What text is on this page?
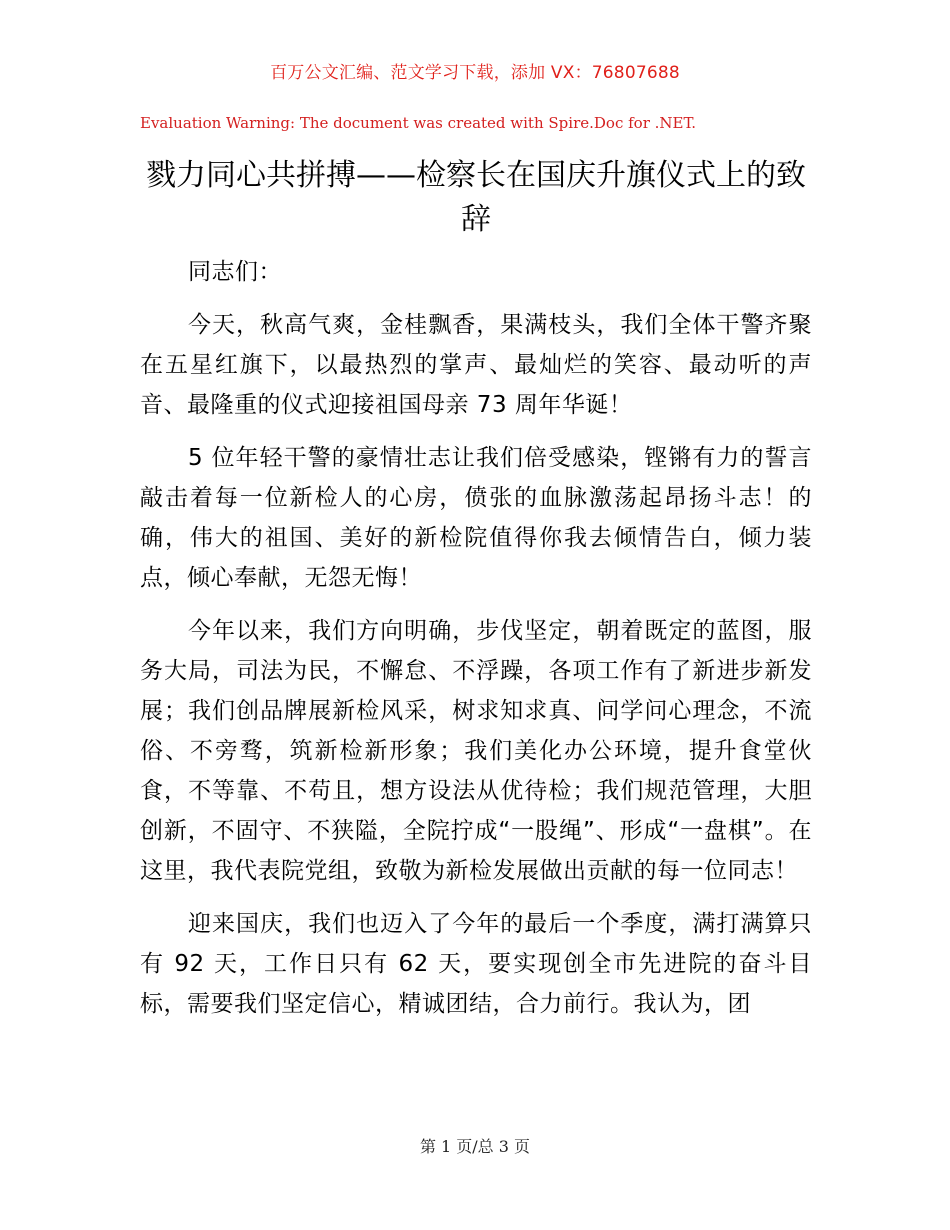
百万公文汇编、范文学习下载，添加 VX：76807688
Evaluation Warning: The document was created with Spire.Doc for .NET.
戮力同心共拼搏——检察长在国庆升旗仪式上的致辞

同志们：

今天，秋高气爽，金桂飘香，果满枝头，我们全体干警齐聚在五星红旗下，以最热烈的掌声、最灿烂的笑容、最动听的声音、最隆重的仪式迎接祖国母亲 73 周年华诞！

5 位年轻干警的豪情壮志让我们倍受感染，铿锵有力的誓言敲击着每一位新检人的心房，偾张的血脉激荡起昂扬斗志！的确，伟大的祖国、美好的新检院值得你我去倾情告白，倾力装点，倾心奉献，无怨无悔！

今年以来，我们方向明确，步伐坚定，朝着既定的蓝图，服务大局，司法为民，不懈怠、不浮躁，各项工作有了新进步新发展；我们创品牌展新检风采，树求知求真、问学问心理念，不流俗、不旁骛，筑新检新形象；我们美化办公环境，提升食堂伙食，不等靠、不苟且，想方设法从优待检；我们规范管理，大胆创新，不固守、不狭隘，全院拧成“一股绳”、形成“一盘棋”。在这里，我代表院党组，致敬为新检发展做出贡献的每一位同志！

迎来国庆，我们也迈入了今年的最后一个季度，满打满算只有 92 天，工作日只有 62 天，要实现创全市先进院的奋斗目标，需要我们坚定信心，精诚团结，合力前行。我认为，团

第 1 页/总 3 页
